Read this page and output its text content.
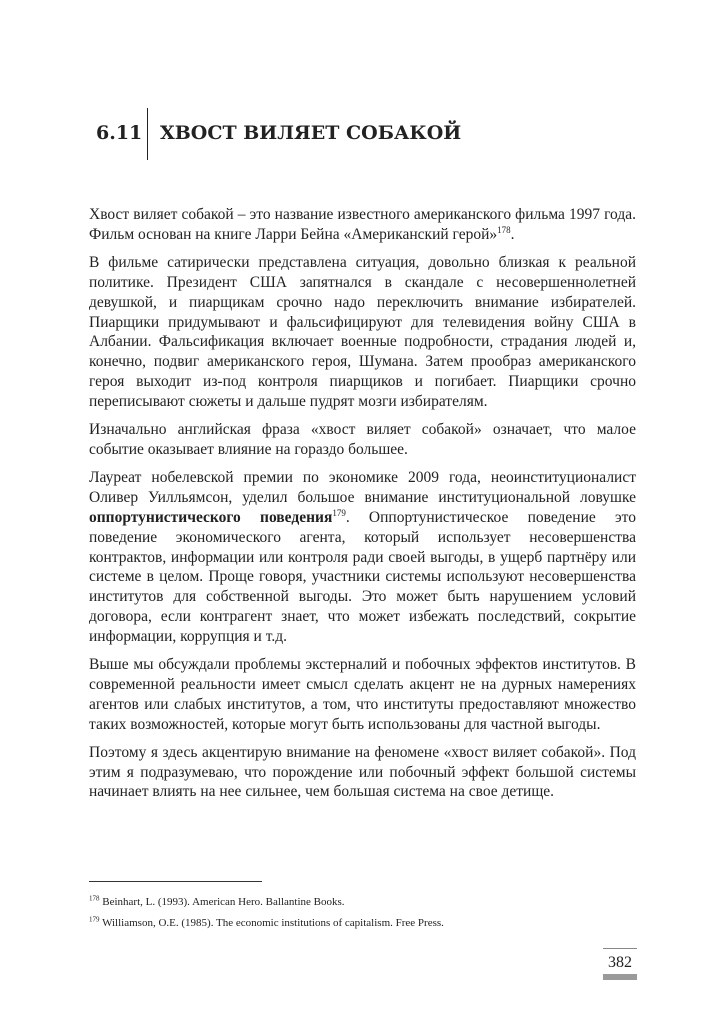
6.11 ХВОСТ ВИЛЯЕТ СОБАКОЙ

Хвост виляет собакой – это название известного американского фильма 1997 года. Фильм основан на книге Ларри Бейна «Американский герой»$^{178}$.

В фильме сатирически представлена ситуация, довольно близкая к реальной политике. Президент США запятнался в скандале с несовершеннолетней девушкой, и пиарщикам срочно надо переключить внимание избирателей. Пиарщики придумывают и фальсифицируют для телевидения войну США в Албании. Фальсификация включает военные подробности, страдания людей и, конечно, подвиг американского героя, Шумана. Затем прообраз американского героя выходит из-под контроля пиарщиков и погибает. Пиарщики срочно переписывают сюжеты и дальше пудрят мозги избирателям.

Изначально английская фраза «хвост виляет собакой» означает, что малое событие оказывает влияние на гораздо большее.

Лауреат нобелевской премии по экономике 2009 года, неоинституционалист Оливер Уилльямсон, уделил большое внимание институциональной ловушке оппортунистического поведения$^{179}$. Оппортунистическое поведение это поведение экономического агента, который использует несовершенства контрактов, информации или контроля ради своей выгоды, в ущерб партнёру или системе в целом. Проще говоря, участники системы используют несовершенства институтов для собственной выгоды. Это может быть нарушением условий договора, если контрагент знает, что может избежать последствий, сокрытие информации, коррупция и т.д.

Выше мы обсуждали проблемы экстерналий и побочных эффектов институтов. В современной реальности имеет смысл сделать акцент не на дурных намерениях агентов или слабых институтов, а том, что институты предоставляют множество таких возможностей, которые могут быть использованы для частной выгоды.

Поэтому я здесь акцентирую внимание на феномене «хвост виляет собакой». Под этим я подразумеваю, что порождение или побочный эффект большой системы начинает влиять на нее сильнее, чем большая система на свое детище.

$^{178}$ Beinhart, L. (1993). American Hero. Ballantine Books.
$^{179}$ Williamson, O.E. (1985). The economic institutions of capitalism. Free Press.
382
